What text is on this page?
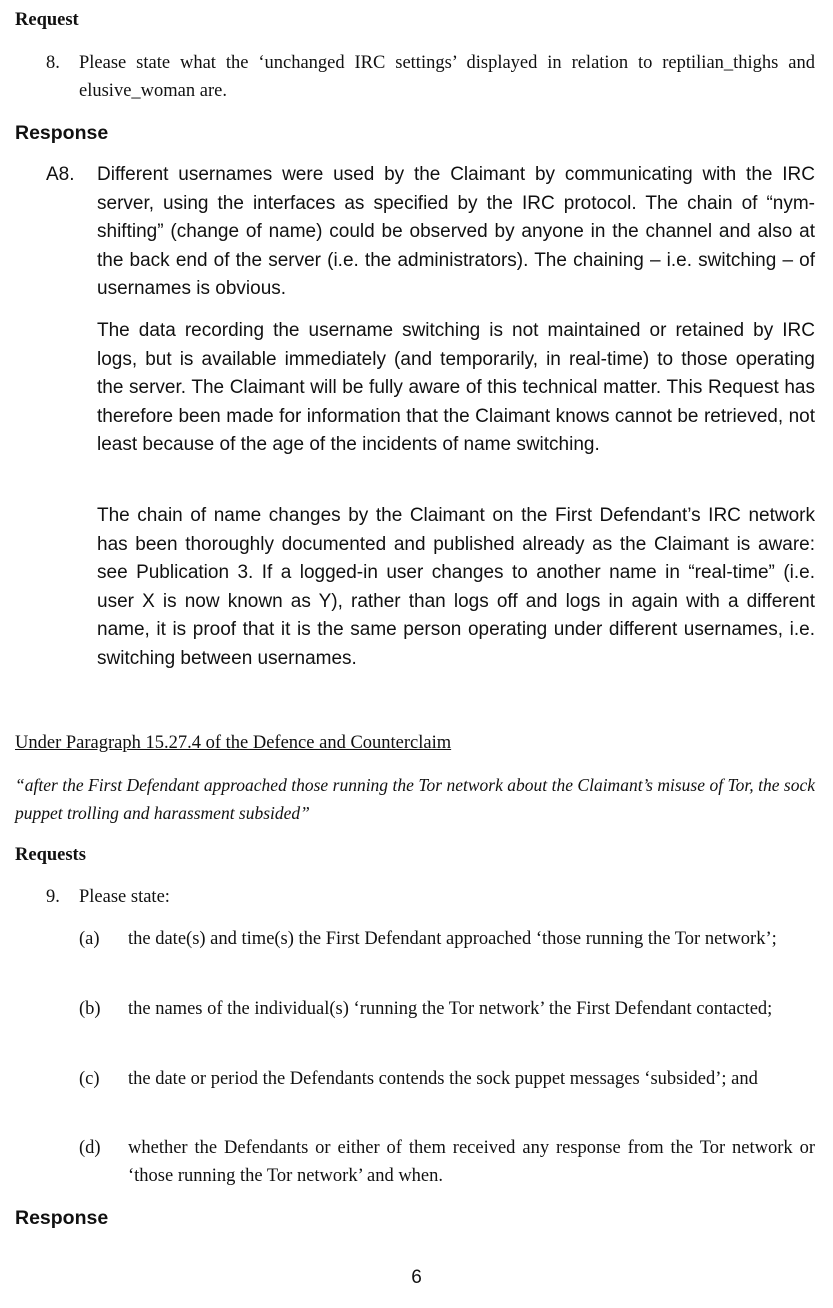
Request
8. Please state what the ‘unchanged IRC settings’ displayed in relation to reptilian_thighs and elusive_woman are.
Response
A8. Different usernames were used by the Claimant by communicating with the IRC server, using the interfaces as specified by the IRC protocol. The chain of “nym-shifting” (change of name) could be observed by anyone in the channel and also at the back end of the server (i.e. the administrators). The chaining – i.e. switching – of usernames is obvious.

The data recording the username switching is not maintained or retained by IRC logs, but is available immediately (and temporarily, in real-time) to those operating the server. The Claimant will be fully aware of this technical matter. This Request has therefore been made for information that the Claimant knows cannot be retrieved, not least because of the age of the incidents of name switching.

The chain of name changes by the Claimant on the First Defendant’s IRC network has been thoroughly documented and published already as the Claimant is aware: see Publication 3. If a logged-in user changes to another name in “real-time” (i.e. user X is now known as Y), rather than logs off and logs in again with a different name, it is proof that it is the same person operating under different usernames, i.e. switching between usernames.

Under Paragraph 15.27.4 of the Defence and Counterclaim
“after the First Defendant approached those running the Tor network about the Claimant’s misuse of Tor, the sock puppet trolling and harassment subsided”
Requests
9. Please state:
(a) the date(s) and time(s) the First Defendant approached ‘those running the Tor network’;
(b) the names of the individual(s) ‘running the Tor network’ the First Defendant contacted;
(c) the date or period the Defendants contends the sock puppet messages ‘subsided’; and
(d) whether the Defendants or either of them received any response from the Tor network or ‘those running the Tor network’ and when.
Response
6
